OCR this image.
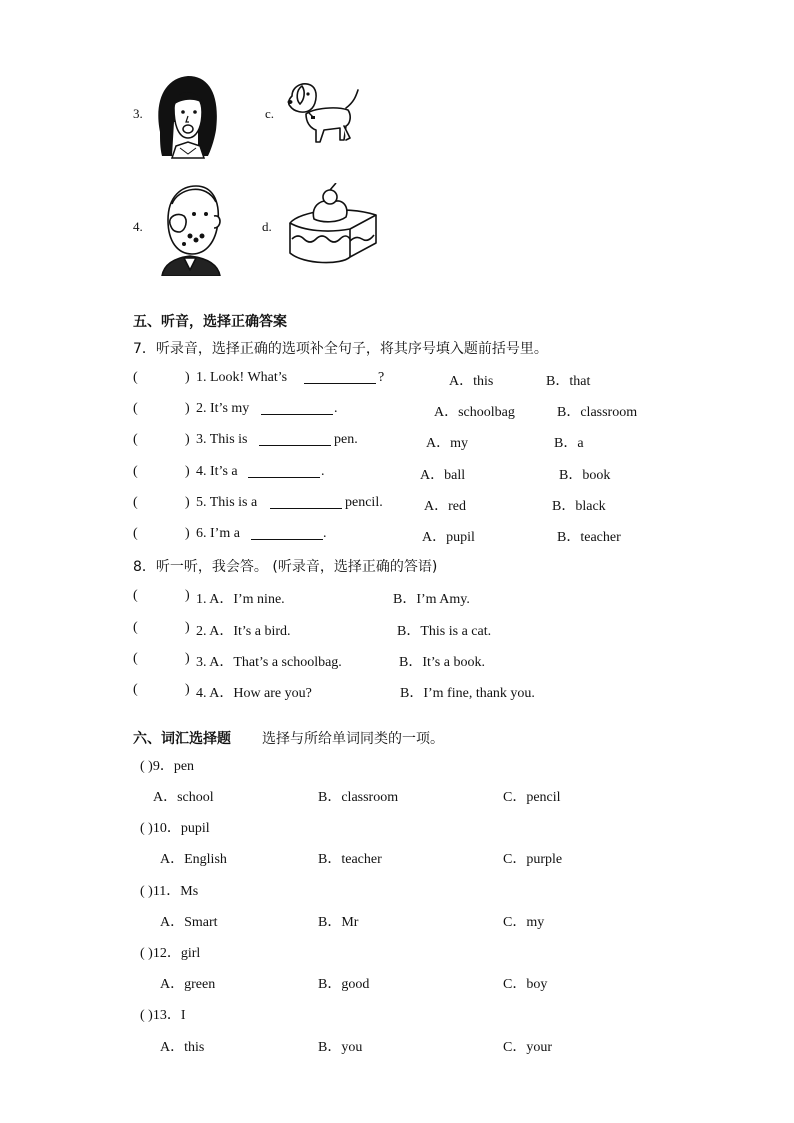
3.	c.
4.	d.
五、听音，选择正确答案
7．听录音，选择正确的选项补全句子，将其序号填入题前括号里。
(	) 1. Look! What’s	?	A．this	B．that
(	) 2. It’s my	.	A．schoolbag	B．classroom
(	) 3. This is	pen.	A．my	B．a
(	) 4. It’s a	.	A．ball	B．book
(	) 5. This is a	pencil.	A．red	B．black
(	) 6. I’m a	.	A．pupil	B．teacher
8．听一听，我会答。 (听录音，选择正确的答语)
(	) 1. A．I’m nine.	B．I’m Amy.
(	) 2. A．It’s a bird.	B．This is a cat.
(	) 3. A．That’s a schoolbag.	B．It’s a book.
(	) 4. A．How are you?	B．I’m fine, thank you.
六、词汇选择题 选择与所给单词同类的一项。
( )9．pen
A．school	B．classroom	C．pencil
( )10．pupil
A．English	B．teacher	C．purple
( )11．Ms
A．Smart	B．Mr	C．my
( )12．girl
A．green	B．good	C．boy
( )13．I
A．this	B．you	C．your
